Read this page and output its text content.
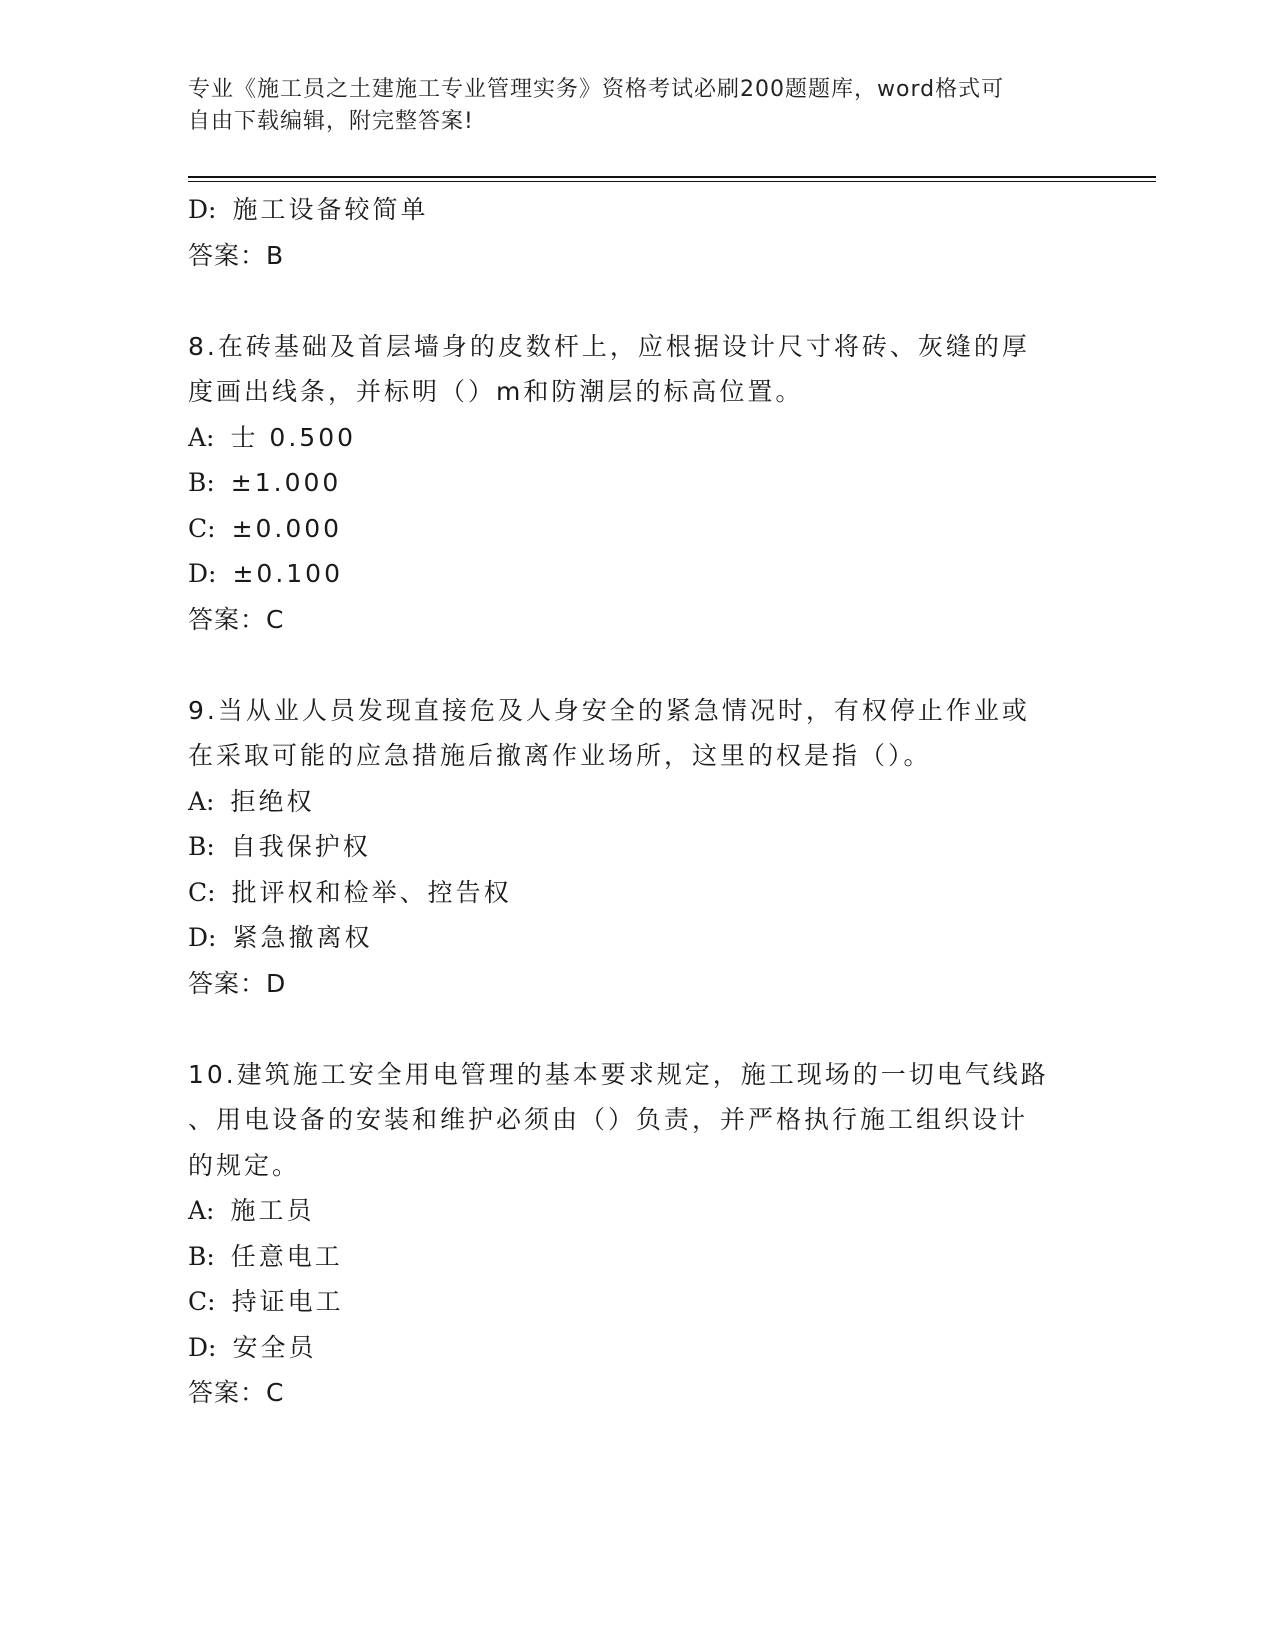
专业《施工员之土建施工专业管理实务》资格考试必刷200题题库，word格式可
自由下载编辑，附完整答案!
D: 施工设备较简单
答案：B
8.在砖基础及首层墙身的皮数杆上，应根据设计尺寸将砖、灰缝的厚
度画出线条，并标明（）m和防潮层的标高位置。
A: 士 0.500
B: ±1.000
C: ±0.000
D: ±0.100
答案：C
9.当从业人员发现直接危及人身安全的紧急情况时，有权停止作业或
在采取可能的应急措施后撤离作业场所，这里的权是指（）。
A: 拒绝权
B: 自我保护权
C: 批评权和检举、控告权
D: 紧急撤离权
答案：D
10.建筑施工安全用电管理的基本要求规定，施工现场的一切电气线路
、用电设备的安装和维护必须由（）负责，并严格执行施工组织设计
的规定。
A: 施工员
B: 任意电工
C: 持证电工
D: 安全员
答案：C
